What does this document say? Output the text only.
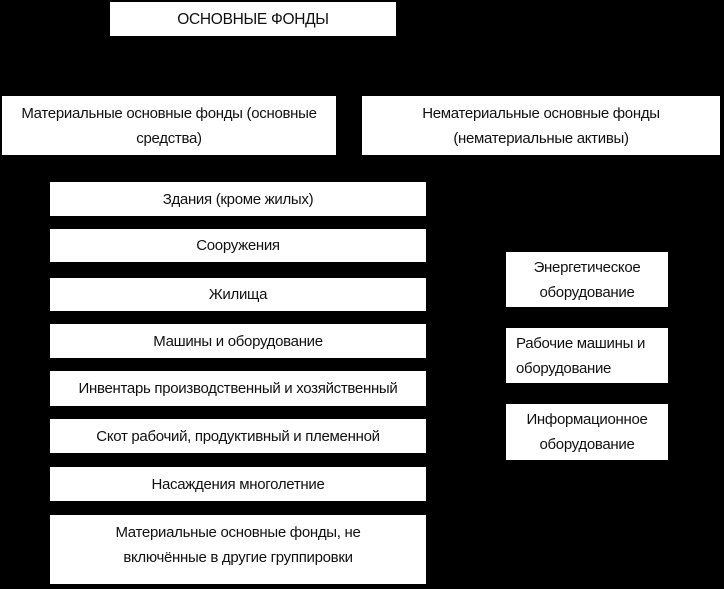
ОСНОВНЫЕ ФОНДЫ
Материальные основные фонды (основные средства)
Нематериальные основные фонды (нематериальные активы)
Здания (кроме жилых)
Сооружения
Жилища
Машины и оборудование
Инвентарь производственный и хозяйственный
Скот рабочий, продуктивный и племенной
Насаждения многолетние
Материальные основные фонды, не включённые в другие группировки
Энергетическое оборудование
Рабочие машины и оборудование
Информационное оборудование
